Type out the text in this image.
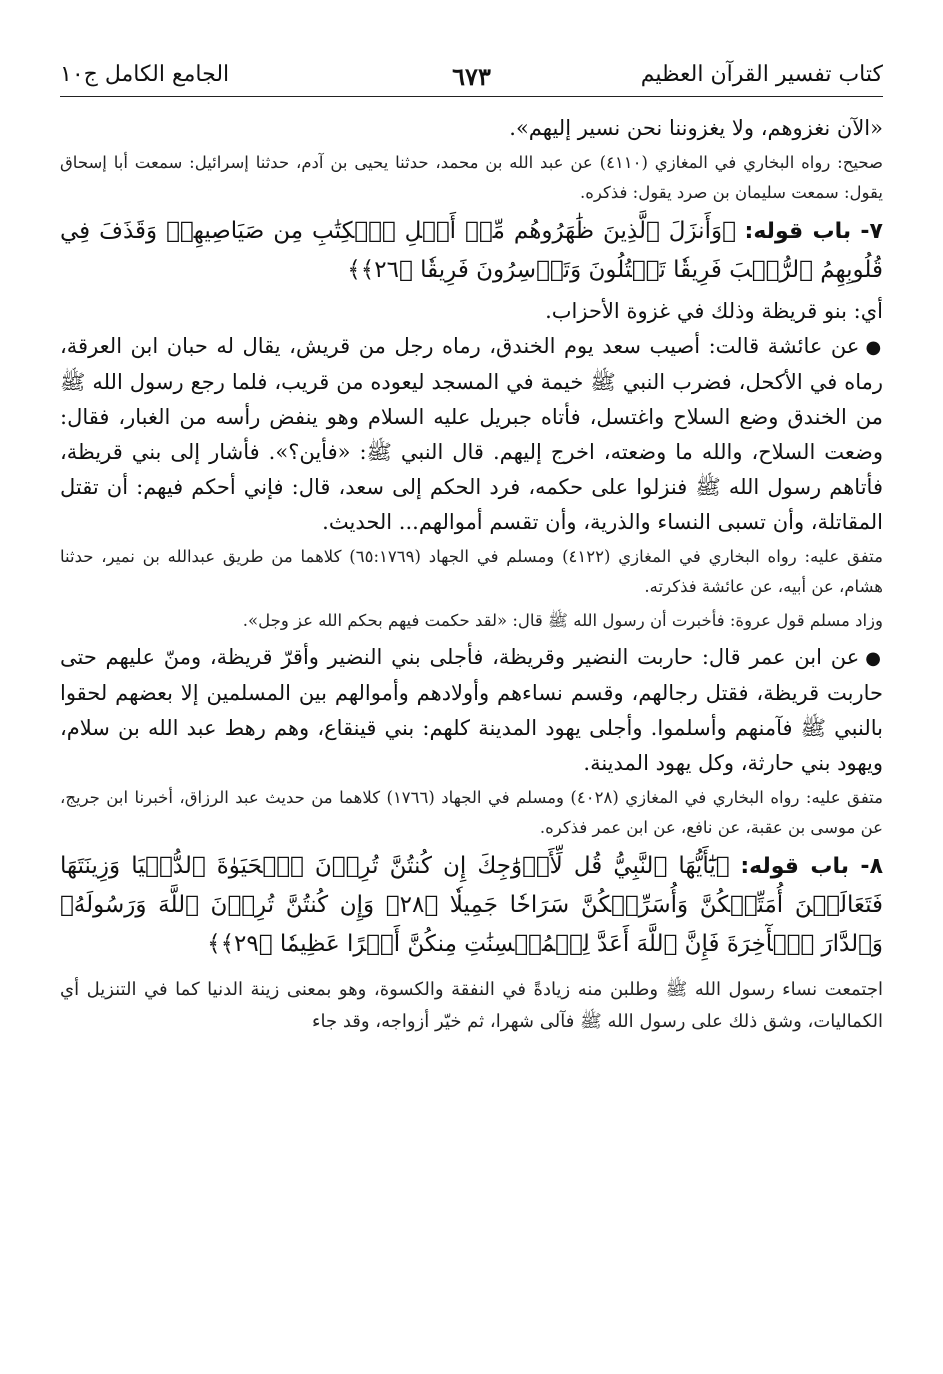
كتاب تفسير القرآن العظيم
٦٧٣
الجامع الكامل ج١٠

«الآن نغزوهم، ولا يغزوننا نحن نسير إليهم».

صحيح: رواه البخاري في المغازي (٤١١٠) عن عبد الله بن محمد، حدثنا يحيى بن آدم، حدثنا إسرائيل: سمعت أبا إسحاق يقول: سمعت سليمان بن صرد يقول: فذكره.

٧- باب قوله: ﴿وَأَنزَلَ ٱلَّذِينَ ظَٰهَرُوهُم مِّنۡ أَهۡلِ ٱلۡكِتَٰبِ مِن صَيَاصِيهِمۡ وَقَذَفَ فِي قُلُوبِهِمُ ٱلرُّعۡبَ فَرِيقٗا تَقۡتُلُونَ وَتَأۡسِرُونَ فَرِيقٗا ﴿٢٦﴾﴾

أي: بنو قريظة وذلك في غزوة الأحزاب.

●عن عائشة قالت: أصيب سعد يوم الخندق، رماه رجل من قريش، يقال له حبان ابن العرقة، رماه في الأكحل، فضرب النبي ﷺ خيمة في المسجد ليعوده من قريب، فلما رجع رسول الله ﷺ من الخندق وضع السلاح واغتسل، فأتاه جبريل عليه السلام وهو ينفض رأسه من الغبار، فقال: وضعت السلاح، والله ما وضعته، اخرج إليهم. قال النبي ﷺ: «فأين؟». فأشار إلى بني قريظة، فأتاهم رسول الله ﷺ فنزلوا على حكمه، فرد الحكم إلى سعد، قال: فإني أحكم فيهم: أن تقتل المقاتلة، وأن تسبى النساء والذرية، وأن تقسم أموالهم... الحديث.

متفق عليه: رواه البخاري في المغازي (٤١٢٢) ومسلم في الجهاد (٦٥:١٧٦٩) كلاهما من طريق عبدالله بن نمير، حدثنا هشام، عن أبيه، عن عائشة فذكرته.

وزاد مسلم قول عروة: فأخبرت أن رسول الله ﷺ قال: «لقد حكمت فيهم بحكم الله عز وجل».

●عن ابن عمر قال: حاربت النضير وقريظة، فأجلى بني النضير وأقرّ قريظة، ومنّ عليهم حتى حاربت قريظة، فقتل رجالهم، وقسم نساءهم وأولادهم وأموالهم بين المسلمين إلا بعضهم لحقوا بالنبي ﷺ فآمنهم وأسلموا. وأجلى يهود المدينة كلهم: بني قينقاع، وهم رهط عبد الله بن سلام، ويهود بني حارثة، وكل يهود المدينة.

متفق عليه: رواه البخاري في المغازي (٤٠٢٨) ومسلم في الجهاد (١٧٦٦) كلاهما من حديث عبد الرزاق، أخبرنا ابن جريج، عن موسى بن عقبة، عن نافع، عن ابن عمر فذكره.

٨- باب قوله: ﴿يَٰٓأَيُّهَا ٱلنَّبِيُّ قُل لِّأَزۡوَٰجِكَ إِن كُنتُنَّ تُرِدۡنَ ٱلۡحَيَوٰةَ ٱلدُّنۡيَا وَزِينَتَهَا فَتَعَالَيۡنَ أُمَتِّعۡكُنَّ وَأُسَرِّحۡكُنَّ سَرَاحٗا جَمِيلٗا ﴿٢٨﴾ وَإِن كُنتُنَّ تُرِدۡنَ ٱللَّهَ وَرَسُولَهُۥ وَٱلدَّارَ ٱلۡأٓخِرَةَ فَإِنَّ ٱللَّهَ أَعَدَّ لِلۡمُحۡسِنَٰتِ مِنكُنَّ أَجۡرًا عَظِيمٗا ﴿٢٩﴾﴾

اجتمعت نساء رسول الله ﷺ وطلبن منه زيادةً في النفقة والكسوة، وهو بمعنى زينة الدنيا كما في التنزيل أي الكماليات، وشق ذلك على رسول الله ﷺ فآلى شهرا، ثم خيّر أزواجه، وقد جاء
